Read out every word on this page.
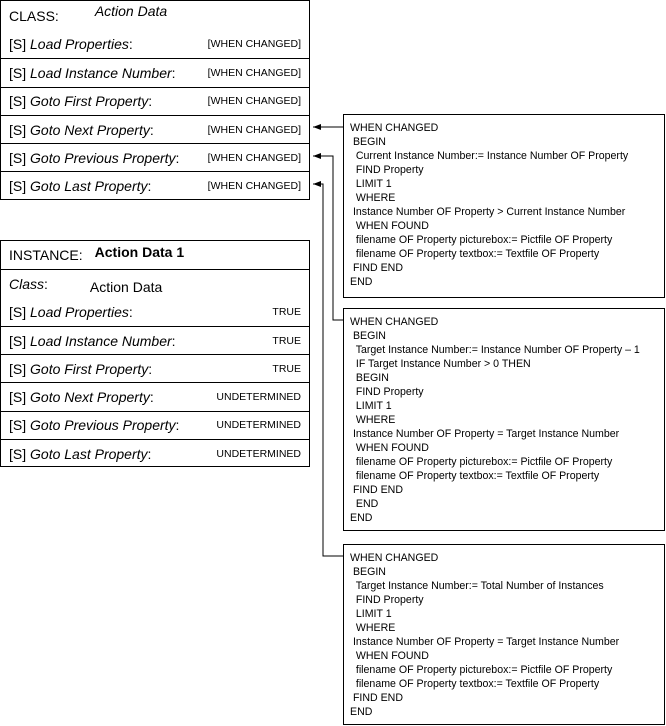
CLASS:	Action Data
[S] Load Properties :	[WHEN CHANGED]
[S] Load Instance Number :	[WHEN CHANGED]
[S] Goto First Property :	[WHEN CHANGED]
[S] Goto Next Property :	[WHEN CHANGED]
[S] Goto Previous Property :	[WHEN CHANGED]
[S] Goto Last Property :	[WHEN CHANGED]
INSTANCE: Action Data 1
Class :	Action Data
[S] Load Properties :	TRUE
[S] Load Instance Number :	TRUE
[S] Goto First Property :	TRUE
[S] Goto Next Property :	UNDETERMINED
[S] Goto Previous Property :	UNDETERMINED
[S] Goto Last Property :	UNDETERMINED
WHEN CHANGED
BEGIN
Current Instance Number:= Instance Number OF Property
FIND Property
LIMIT 1
WHERE
Instance Number OF Property > Current Instance Number
WHEN FOUND
filename OF Property picturebox:= Pictfile OF Property
filename OF Property textbox:= Textfile OF Property
FIND END
END
WHEN CHANGED
BEGIN
Target Instance Number:= Instance Number OF Property – 1
IF Target Instance Number > 0 THEN
BEGIN
FIND Property
LIMIT 1
WHERE
Instance Number OF Property = Target Instance Number
WHEN FOUND
filename OF Property picturebox:= Pictfile OF Property
filename OF Property textbox:= Textfile OF Property
FIND END
END
END
WHEN CHANGED
BEGIN
Target Instance Number:= Total Number of Instances
FIND Property
LIMIT 1
WHERE
Instance Number OF Property = Target Instance Number
WHEN FOUND
filename OF Property picturebox:= Pictfile OF Property
filename OF Property textbox:= Textfile OF Property
FIND END
END
